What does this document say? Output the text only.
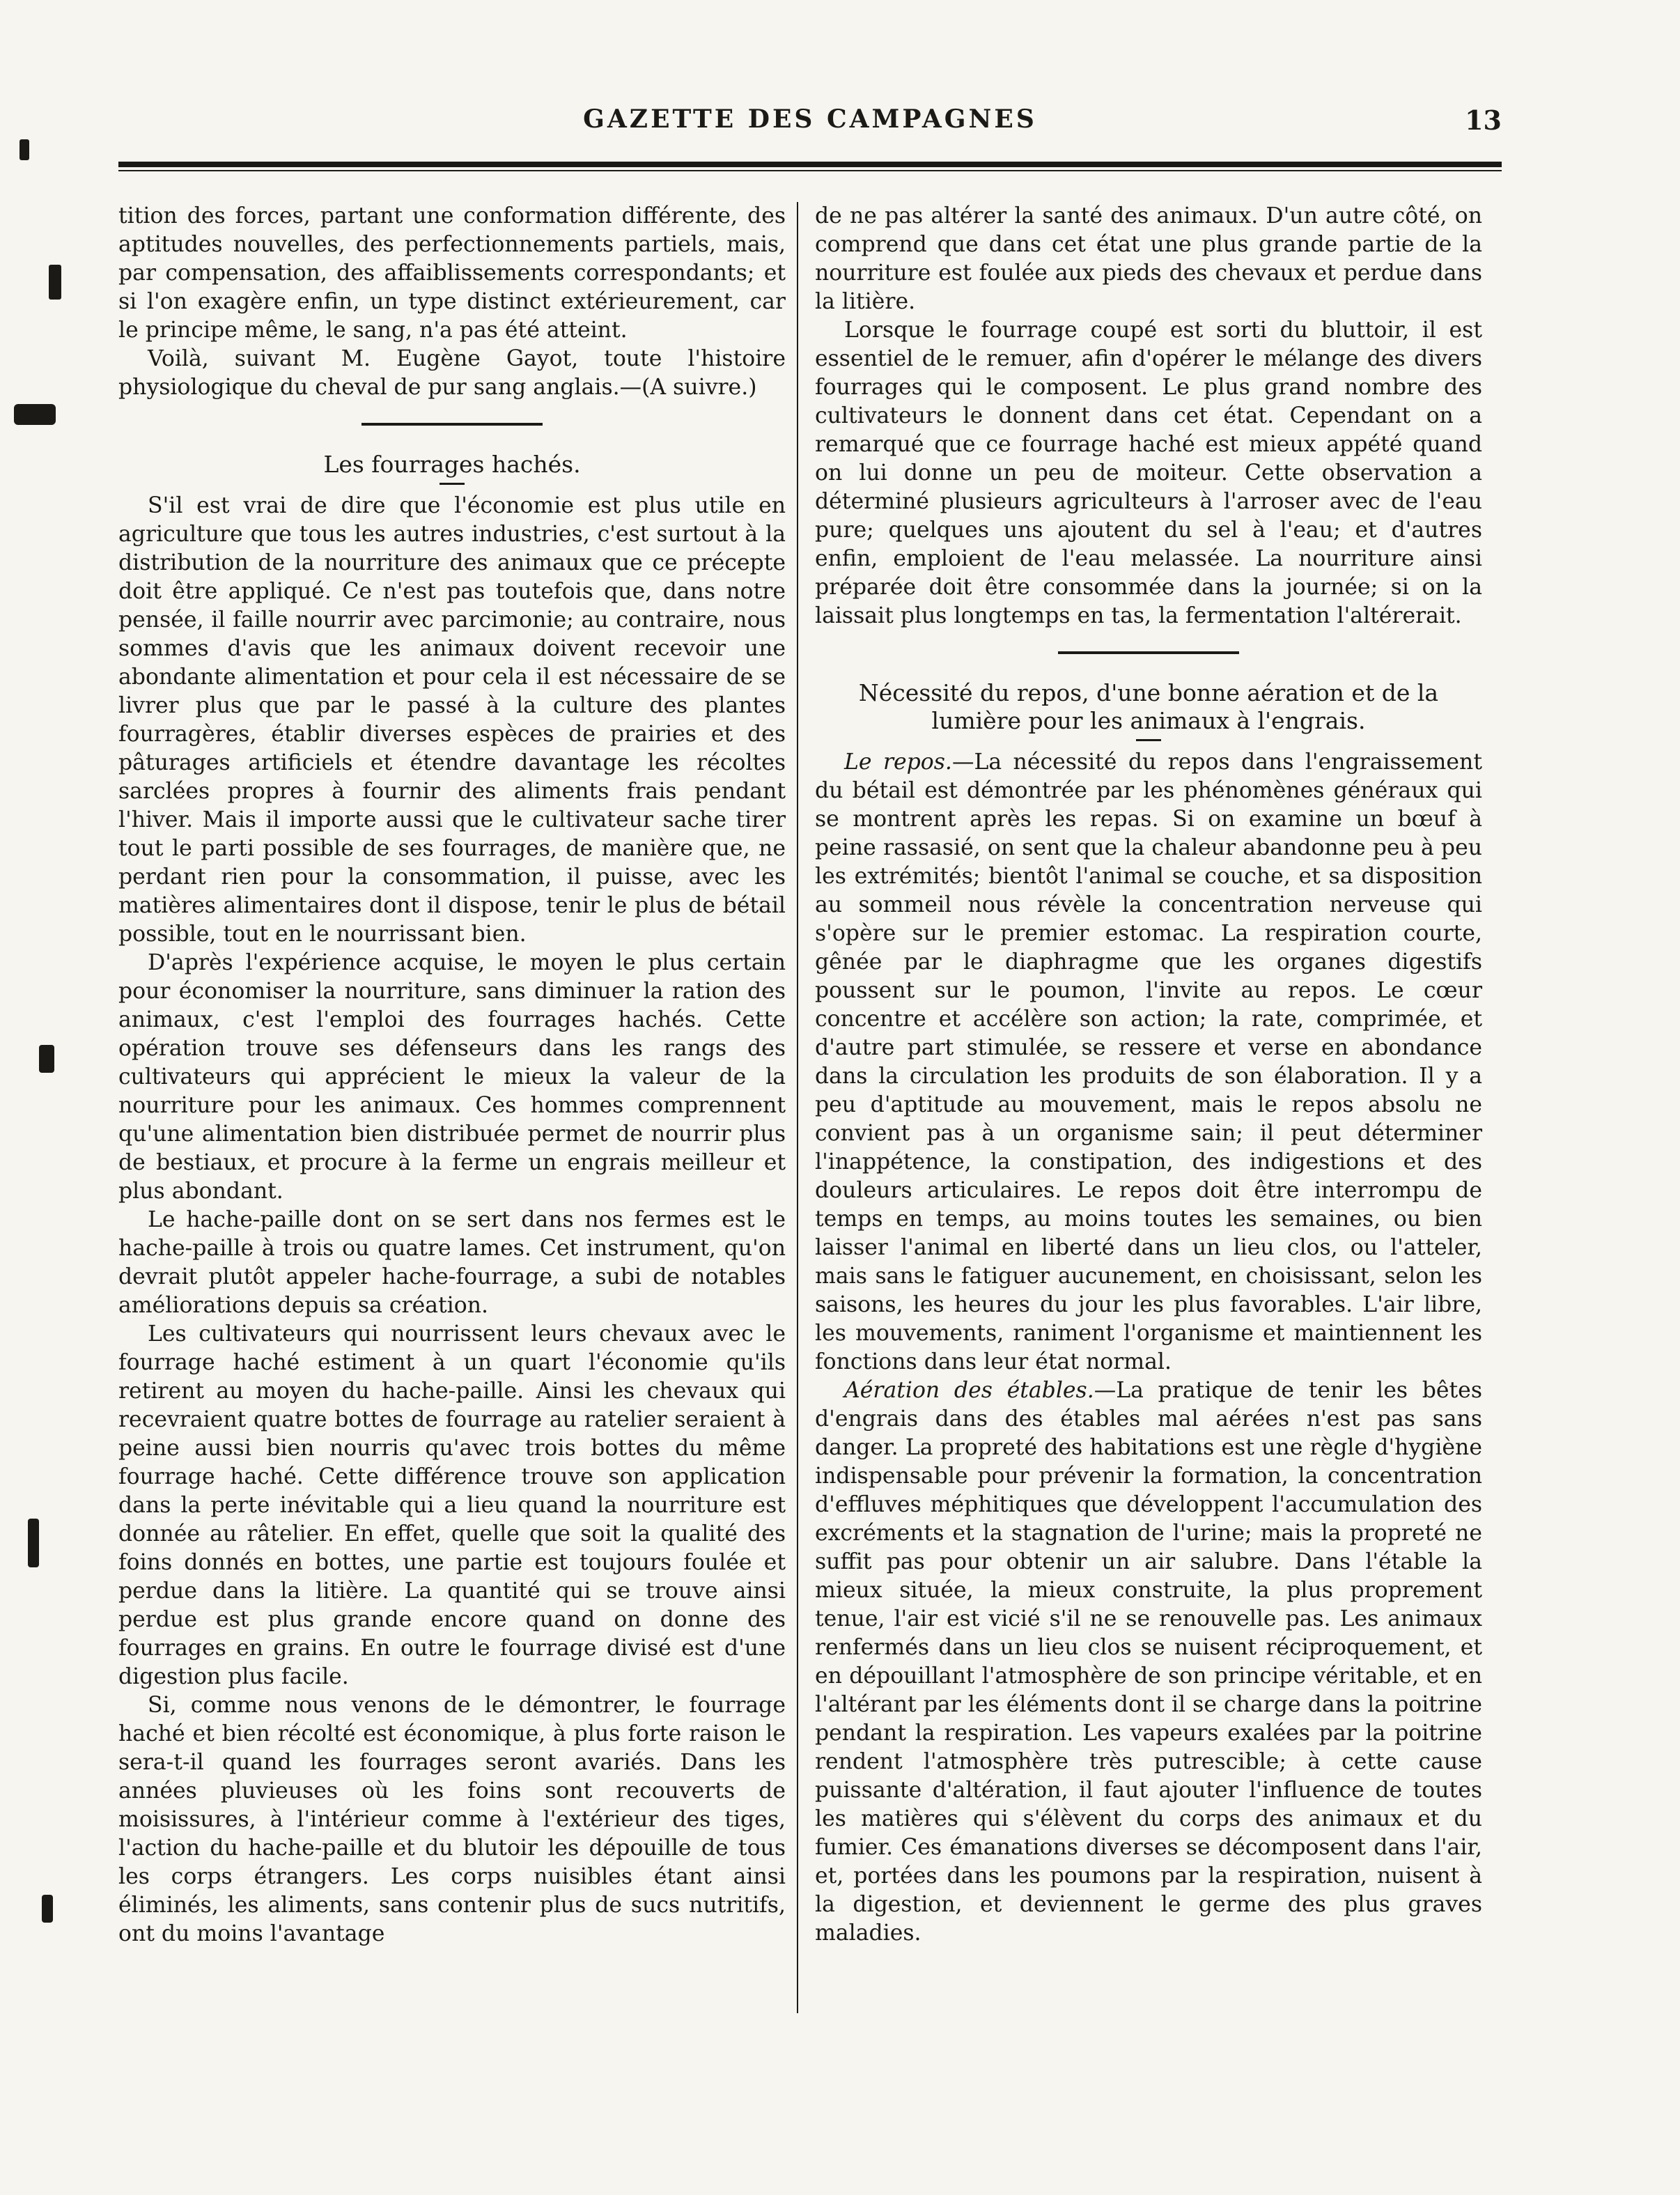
GAZETTE DES CAMPAGNES	13

tition des forces, partant une conformation différente, des aptitudes nouvelles, des perfectionnements partiels, mais, par compensation, des affaiblissements correspondants; et si l'on exagère enfin, un type distinct extérieurement, car le principe même, le sang, n'a pas été atteint.

Voilà, suivant M. Eugène Gayot, toute l'histoire physiologique du cheval de pur sang anglais.—(A suivre.)

Les fourrages hachés.

S'il est vrai de dire que l'économie est plus utile en agriculture que tous les autres industries, c'est surtout à la distribution de la nourriture des animaux que ce précepte doit être appliqué. Ce n'est pas toutefois que, dans notre pensée, il faille nourrir avec parcimonie; au contraire, nous sommes d'avis que les animaux doivent recevoir une abondante alimentation et pour cela il est nécessaire de se livrer plus que par le passé à la culture des plantes fourragères, établir diverses espèces de prairies et des pâturages artificiels et étendre davantage les récoltes sarclées propres à fournir des aliments frais pendant l'hiver. Mais il importe aussi que le cultivateur sache tirer tout le parti possible de ses fourrages, de manière que, ne perdant rien pour la consommation, il puisse, avec les matières alimentaires dont il dispose, tenir le plus de bétail possible, tout en le nourrissant bien.

D'après l'expérience acquise, le moyen le plus certain pour économiser la nourriture, sans diminuer la ration des animaux, c'est l'emploi des fourrages hachés. Cette opération trouve ses défenseurs dans les rangs des cultivateurs qui apprécient le mieux la valeur de la nourriture pour les animaux. Ces hommes comprennent qu'une alimentation bien distribuée permet de nourrir plus de bestiaux, et procure à la ferme un engrais meilleur et plus abondant.

Le hache-paille dont on se sert dans nos fermes est le hache-paille à trois ou quatre lames. Cet instrument, qu'on devrait plutôt appeler hache-fourrage, a subi de notables améliorations depuis sa création.

Les cultivateurs qui nourrissent leurs chevaux avec le fourrage haché estiment à un quart l'économie qu'ils retirent au moyen du hache-paille. Ainsi les chevaux qui recevraient quatre bottes de fourrage au ratelier seraient à peine aussi bien nourris qu'avec trois bottes du même fourrage haché. Cette différence trouve son application dans la perte inévitable qui a lieu quand la nourriture est donnée au râtelier. En effet, quelle que soit la qualité des foins donnés en bottes, une partie est toujours foulée et perdue dans la litière. La quantité qui se trouve ainsi perdue est plus grande encore quand on donne des fourrages en grains. En outre le fourrage divisé est d'une digestion plus facile.

Si, comme nous venons de le démontrer, le fourrage haché et bien récolté est économique, à plus forte raison le sera-t-il quand les fourrages seront avariés. Dans les années pluvieuses où les foins sont recouverts de moisissures, à l'intérieur comme à l'extérieur des tiges, l'action du hache-paille et du blutoir les dépouille de tous les corps étrangers. Les corps nuisibles étant ainsi éliminés, les aliments, sans contenir plus de sucs nutritifs, ont du moins l'avantage

de ne pas altérer la santé des animaux. D'un autre côté, on comprend que dans cet état une plus grande partie de la nourriture est foulée aux pieds des chevaux et perdue dans la litière.

Lorsque le fourrage coupé est sorti du bluttoir, il est essentiel de le remuer, afin d'opérer le mélange des divers fourrages qui le composent. Le plus grand nombre des cultivateurs le donnent dans cet état. Cependant on a remarqué que ce fourrage haché est mieux appété quand on lui donne un peu de moiteur. Cette observation a déterminé plusieurs agriculteurs à l'arroser avec de l'eau pure; quelques uns ajoutent du sel à l'eau; et d'autres enfin, emploient de l'eau melassée. La nourriture ainsi préparée doit être consommée dans la journée; si on la laissait plus longtemps en tas, la fermentation l'altérerait.

Nécessité du repos, d'une bonne aération et de la
lumière pour les animaux à l'engrais.

Le repos.—La nécessité du repos dans l'engraissement du bétail est démontrée par les phénomènes généraux qui se montrent après les repas. Si on examine un bœuf à peine rassasié, on sent que la chaleur abandonne peu à peu les extrémités; bientôt l'animal se couche, et sa disposition au sommeil nous révèle la concentration nerveuse qui s'opère sur le premier estomac. La respiration courte, gênée par le diaphragme que les organes digestifs poussent sur le poumon, l'invite au repos. Le cœur concentre et accélère son action; la rate, comprimée, et d'autre part stimulée, se ressere et verse en abondance dans la circulation les produits de son élaboration. Il y a peu d'aptitude au mouvement, mais le repos absolu ne convient pas à un organisme sain; il peut déterminer l'inappétence, la constipation, des indigestions et des douleurs articulaires. Le repos doit être interrompu de temps en temps, au moins toutes les semaines, ou bien laisser l'animal en liberté dans un lieu clos, ou l'atteler, mais sans le fatiguer aucunement, en choisissant, selon les saisons, les heures du jour les plus favorables. L'air libre, les mouvements, raniment l'organisme et maintiennent les fonctions dans leur état normal.

Aération des étables.—La pratique de tenir les bêtes d'engrais dans des étables mal aérées n'est pas sans danger. La propreté des habitations est une règle d'hygiène indispensable pour prévenir la formation, la concentration d'effluves méphitiques que développent l'accumulation des excréments et la stagnation de l'urine; mais la propreté ne suffit pas pour obtenir un air salubre. Dans l'étable la mieux située, la mieux construite, la plus proprement tenue, l'air est vicié s'il ne se renouvelle pas. Les animaux renfermés dans un lieu clos se nuisent réciproquement, et en dépouillant l'atmosphère de son principe véritable, et en l'altérant par les éléments dont il se charge dans la poitrine pendant la respiration. Les vapeurs exalées par la poitrine rendent l'atmosphère très putrescible; à cette cause puissante d'altération, il faut ajouter l'influence de toutes les matières qui s'élèvent du corps des animaux et du fumier. Ces émanations diverses se décomposent dans l'air, et, portées dans les poumons par la respiration, nuisent à la digestion, et deviennent le germe des plus graves maladies.
